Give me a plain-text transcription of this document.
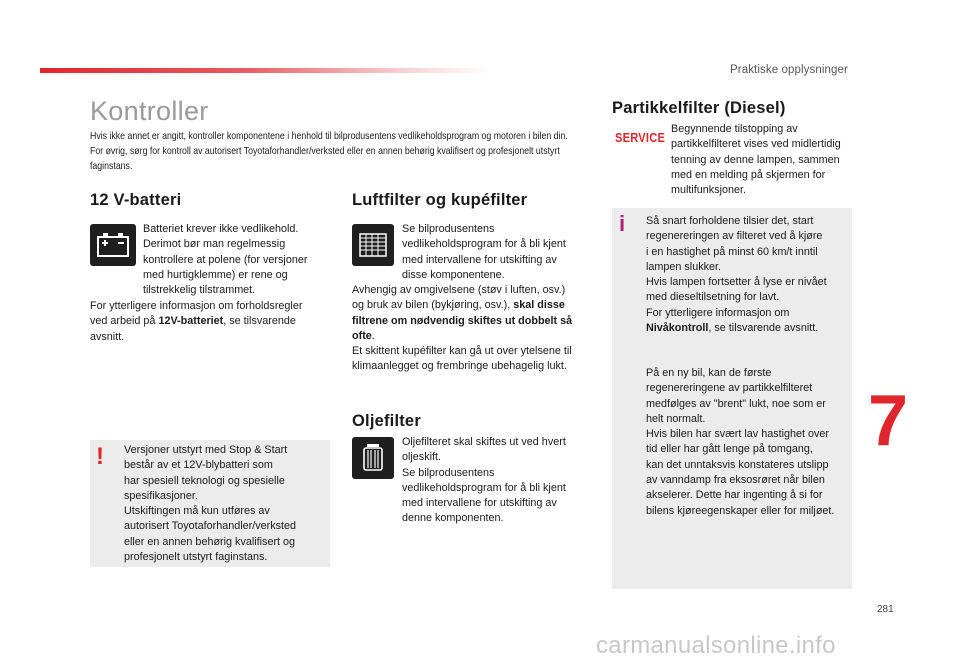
Praktiske opplysninger
Kontroller
Hvis ikke annet er angitt, kontroller komponentene i henhold til bilprodusentens vedlikeholdsprogram og motoren i bilen din.
For øvrig, sørg for kontroll av autorisert Toyotaforhandler/verksted eller en annen behørig kvalifisert og profesjonelt utstyrt
faginstans.
12 V-batteri
Batteriet krever ikke vedlikehold.
Derimot bør man regelmessig
kontrollere at polene (for versjoner
med hurtigklemme) er rene og
tilstrekkelig tilstrammet.
For ytterligere informasjon om forholdsregler
ved arbeid på 12V-batteriet, se tilsvarende
avsnitt.
! Versjoner utstyrt med Stop & Start
består av et 12V-blybatteri som
har spesiell teknologi og spesielle
spesifikasjoner.
Utskiftingen må kun utføres av
autorisert Toyotaforhandler/verksted
eller en annen behørig kvalifisert og
profesjonelt utstyrt faginstans.
Luftfilter og kupéfilter
Se bilprodusentens
vedlikeholdsprogram for å bli kjent
med intervallene for utskifting av
disse komponentene.
Avhengig av omgivelsene (støv i luften, osv.)
og bruk av bilen (bykjøring, osv.), skal disse
filtrene om nødvendig skiftes ut dobbelt så
ofte.
Et skittent kupéfilter kan gå ut over ytelsene til
klimaanlegget og frembringe ubehagelig lukt.
Oljefilter
Oljefilteret skal skiftes ut ved hvert
oljeskift.
Se bilprodusentens
vedlikeholdsprogram for å bli kjent
med intervallene for utskifting av
denne komponenten.
Partikkelfilter (Diesel)
SERVICE
Begynnende tilstopping av
partikkelfilteret vises ved midlertidig
tenning av denne lampen, sammen
med en melding på skjermen for
multifunksjoner.
i Så snart forholdene tilsier det, start
regenereringen av filteret ved å kjøre
i en hastighet på minst 60 km/t inntil
lampen slukker.
Hvis lampen fortsetter å lyse er nivået
med dieseltilsetning for lavt.
For ytterligere informasjon om
Nivåkontroll, se tilsvarende avsnitt.
På en ny bil, kan de første
regenereringene av partikkelfilteret
medfølges av "brent" lukt, noe som er
helt normalt.
Hvis bilen har svært lav hastighet over
tid eller har gått lenge på tomgang,
kan det unntaksvis konstateres utslipp
av vanndamp fra eksosrøret når bilen
akselerer. Dette har ingenting å si for
bilens kjøreegenskaper eller for miljøet.
7
281
carmanualsonline.info
